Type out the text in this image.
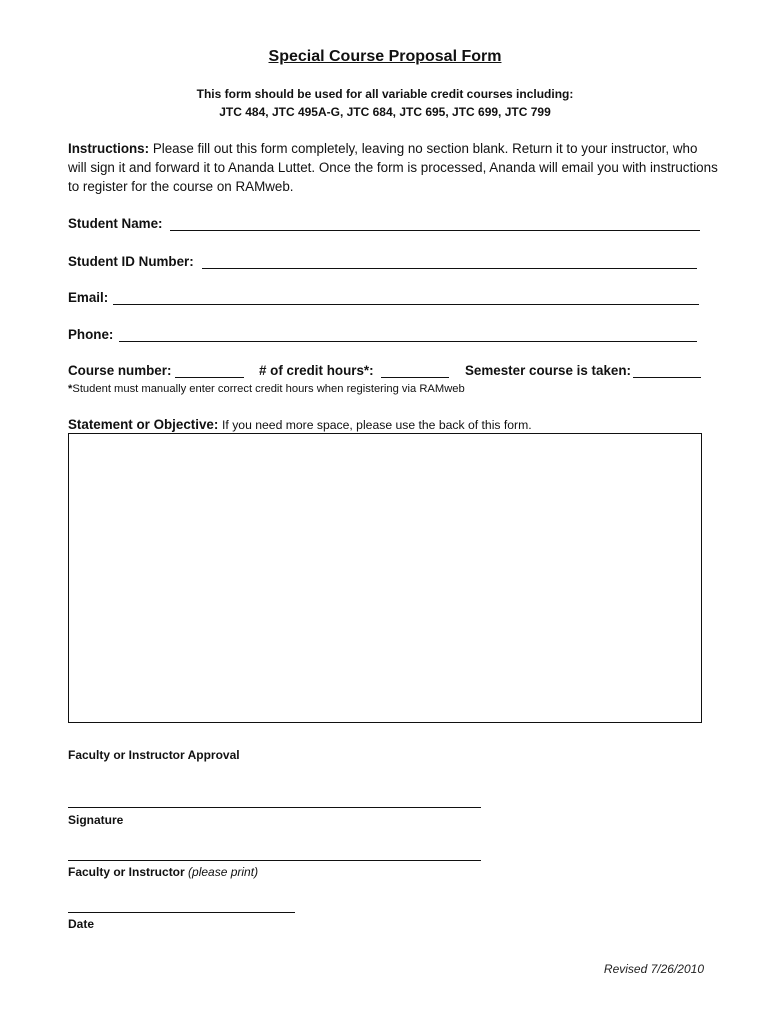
Special Course Proposal Form
This form should be used for all variable credit courses including:
JTC 484, JTC 495A-G, JTC 684, JTC 695, JTC 699, JTC 799
Instructions: Please fill out this form completely, leaving no section blank. Return it to your instructor, who will sign it and forward it to Ananda Luttet. Once the form is processed, Ananda will email you with instructions to register for the course on RAMweb.
Student Name:
Student ID Number:
Email:
Phone:
Course number:	# of credit hours*:	Semester course is taken:
*Student must manually enter correct credit hours when registering via RAMweb
Statement or Objective: If you need more space, please use the back of this form.
Faculty or Instructor Approval
Signature
Faculty or Instructor (please print)
Date
Revised 7/26/2010
